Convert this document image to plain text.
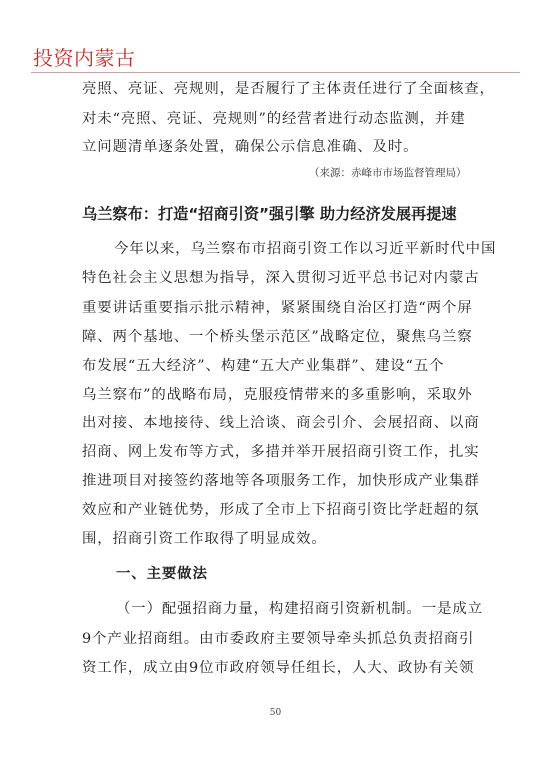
投资内蒙古
亮照、亮证、亮规则，是否履行了主体责任进行了全面核查，
对未“亮照、亮证、亮规则”的经营者进行动态监测，并建
立问题清单逐条处置，确保公示信息准确、及时。
（来源：赤峰市市场监督管理局）
乌兰察布：打造“招商引资”强引擎 助力经济发展再提速
今年以来，乌兰察布市招商引资工作以习近平新时代中国
特色社会主义思想为指导，深入贯彻习近平总书记对内蒙古
重要讲话重要指示批示精神，紧紧围绕自治区打造“两个屏
障、两个基地、一个桥头堡示范区”战略定位，聚焦乌兰察
布发展“五大经济”、构建“五大产业集群”、建设“五个
乌兰察布”的战略布局，克服疫情带来的多重影响，采取外
出对接、本地接待、线上洽谈、商会引介、会展招商、以商
招商、网上发布等方式，多措并举开展招商引资工作，扎实
推进项目对接签约落地等各项服务工作，加快形成产业集群
效应和产业链优势，形成了全市上下招商引资比学赶超的氛
围，招商引资工作取得了明显成效。
一、主要做法
（一）配强招商力量，构建招商引资新机制。一是成立
9个产业招商组。由市委政府主要领导牵头抓总负责招商引
资工作，成立由9位市政府领导任组长，人大、政协有关领
50
